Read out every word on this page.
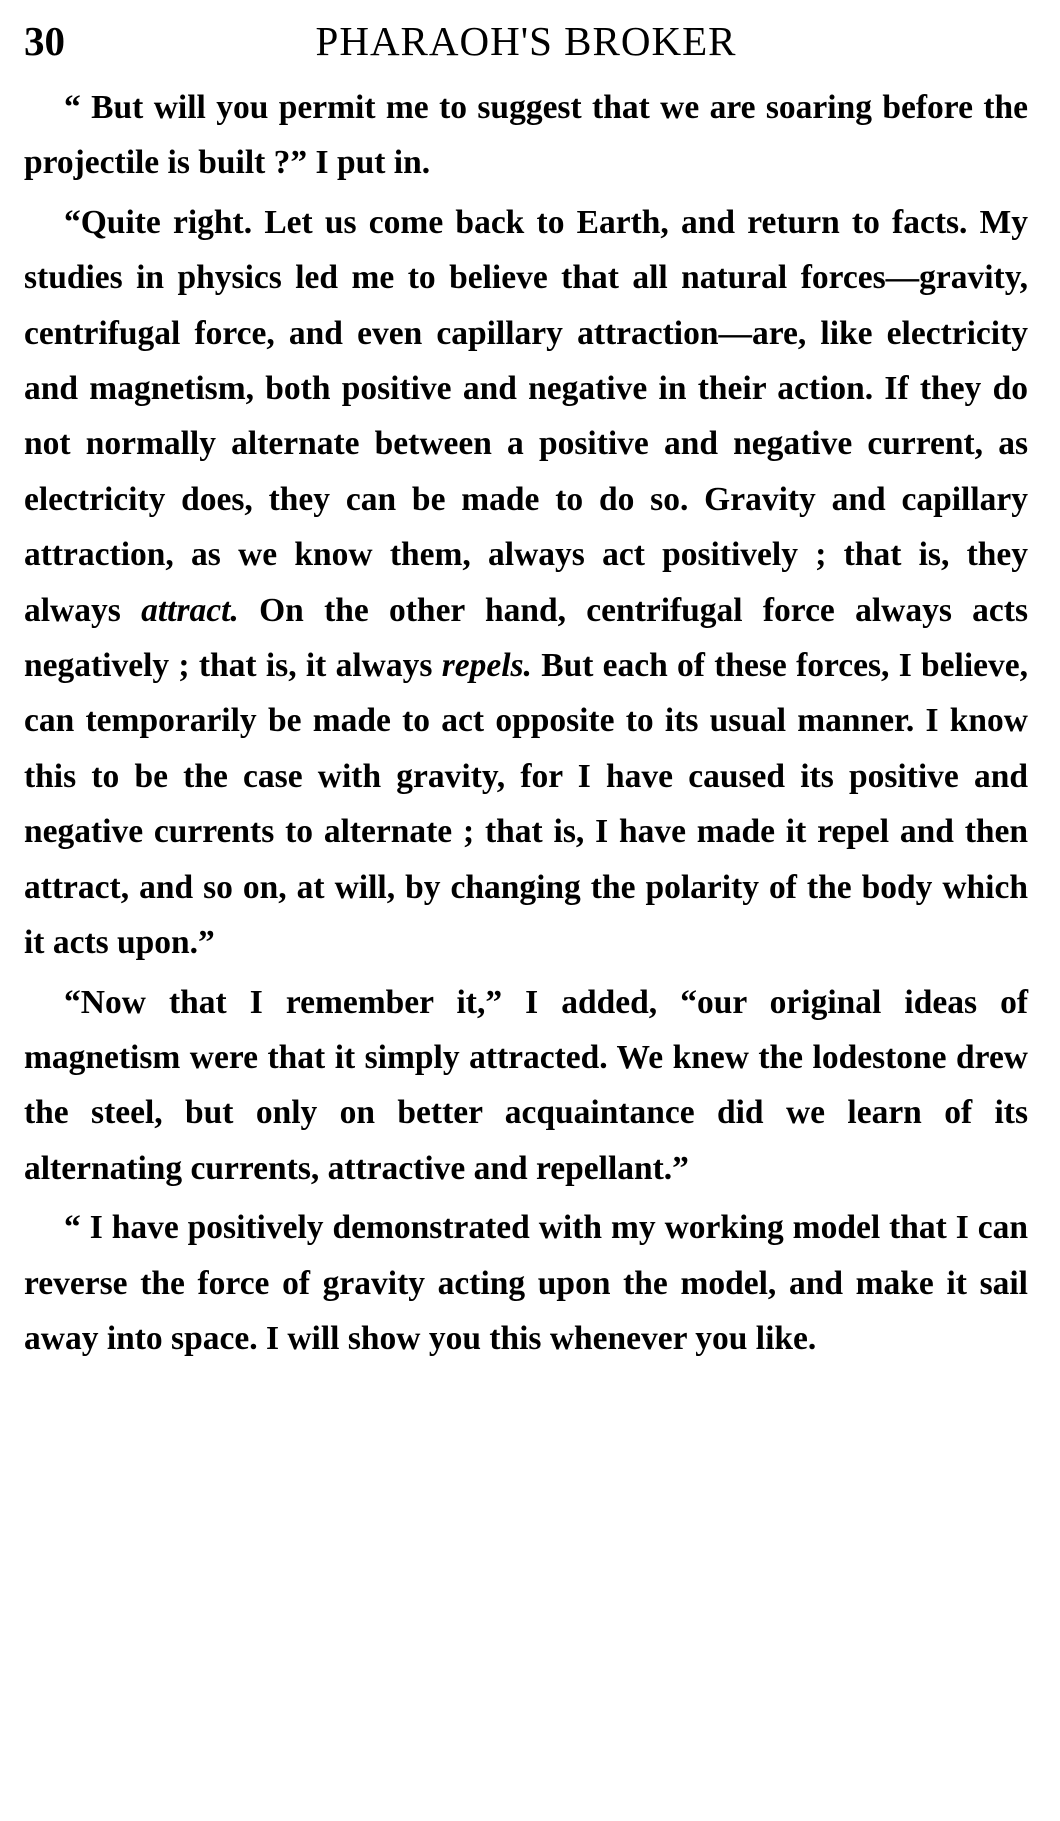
30	PHARAOH'S BROKER

“ But will you permit me to suggest that we are soaring before the projectile is built ?” I put in.

“Quite right. Let us come back to Earth, and return to facts. My studies in physics led me to believe that all natural forces—gravity, centrifugal force, and even capillary attraction—are, like electricity and magnetism, both positive and negative in their action. If they do not normally alternate between a positive and negative current, as electricity does, they can be made to do so. Gravity and capillary attraction, as we know them, always act positively ; that is, they always attract. On the other hand, centrifugal force always acts negatively ; that is, it always repels. But each of these forces, I believe, can temporarily be made to act opposite to its usual manner. I know this to be the case with gravity, for I have caused its positive and negative currents to alternate ; that is, I have made it repel and then attract, and so on, at will, by changing the polarity of the body which it acts upon.”

“Now that I remember it,” I added, “our original ideas of magnetism were that it simply attracted. We knew the lodestone drew the steel, but only on better acquaintance did we learn of its alternating currents, attractive and repellant.”

“ I have positively demonstrated with my working model that I can reverse the force of gravity acting upon the model, and make it sail away into space. I will show you this whenever you like.
